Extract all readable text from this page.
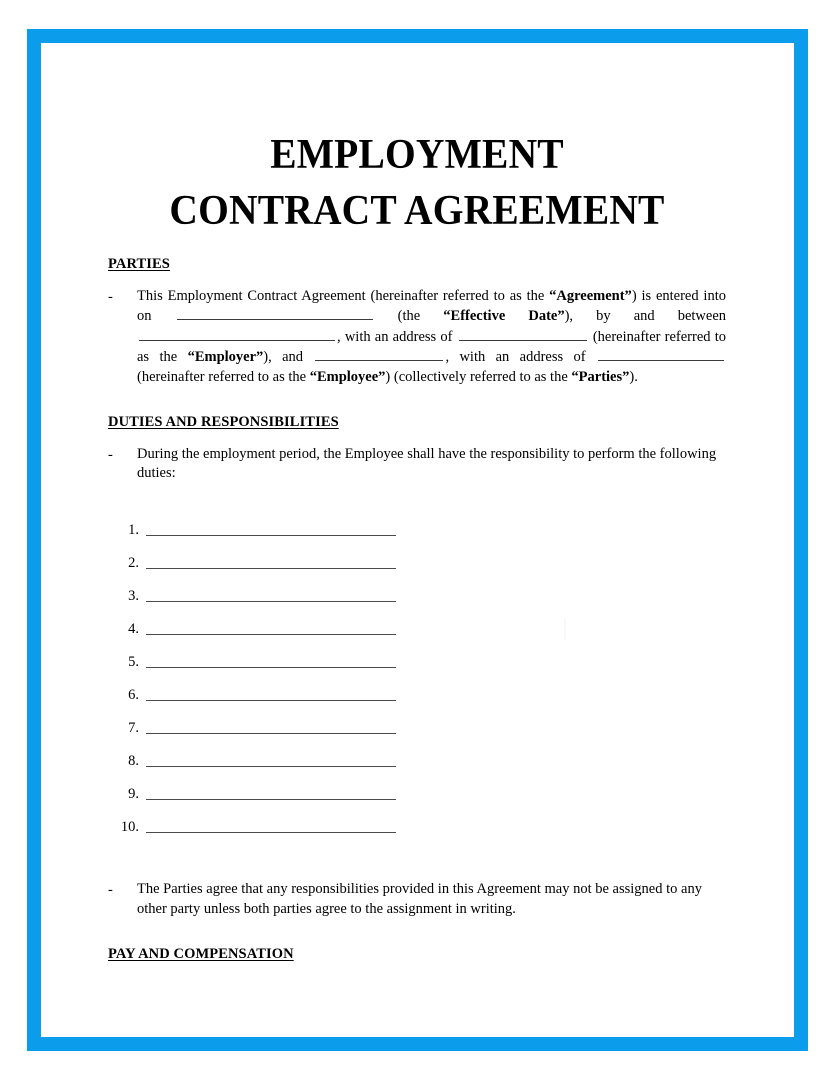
EMPLOYMENT
CONTRACT AGREEMENT
PARTIES
-	This Employment Contract Agreement (hereinafter referred to as the “Agreement”) is entered into on	(the “Effective Date”), by and between , with an address of	(hereinafter referred to as the “Employer”), and	, with an address of  (hereinafter referred to as the “Employee”) (collectively referred to as the “Parties”).
DUTIES AND RESPONSIBILITIES
-	During the employment period, the Employee shall have the responsibility to perform the following duties:
1.
2.
3.
4.
5.
6.
7.
8.
9.
10.
-	The Parties agree that any responsibilities provided in this Agreement may not be assigned to any other party unless both parties agree to the assignment in writing.
PAY AND COMPENSATION
